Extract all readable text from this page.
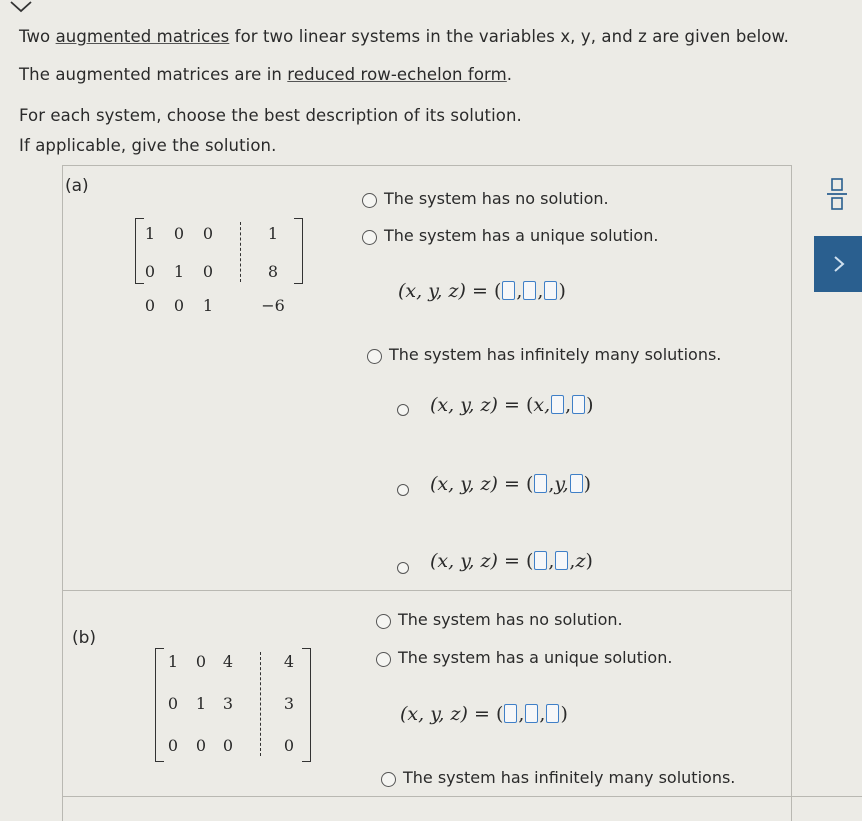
Two augmented matrices for two linear systems in the variables x, y, and z are given below.
The augmented matrices are in reduced row-echelon form.
For each system, choose the best description of its solution.
If applicable, give the solution.
(a)
1	0	0	1
0	1	0	8
0	0	1	−6
The system has no solution.
The system has a unique solution.
(x, y, z) = ( , , )
The system has infinitely many solutions.
(x, y, z) = (x, , )
(x, y, z) = ( ,y, )
(x, y, z) = ( , ,z)
(b)
1	0	4	4
0	1	3	3
0	0	0	0
The system has no solution.
The system has a unique solution.
(x, y, z) = ( , , )
The system has infinitely many solutions.
